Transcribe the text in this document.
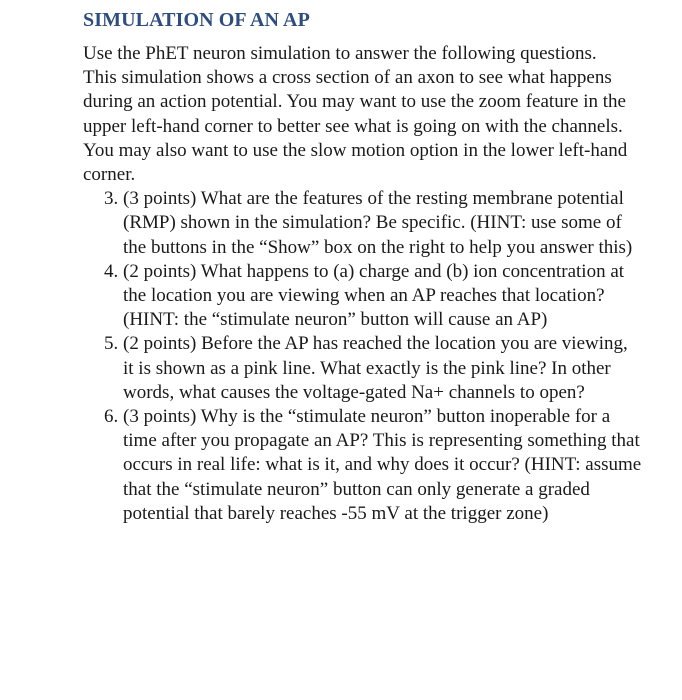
SIMULATION OF AN AP

Use the PhET neuron simulation to answer the following questions.

This simulation shows a cross section of an axon to see what happens during an action potential. You may want to use the zoom feature in the upper left-hand corner to better see what is going on with the channels. You may also want to use the slow motion option in the lower left-hand corner.

3. (3 points) What are the features of the resting membrane potential (RMP) shown in the simulation? Be specific. (HINT: use some of the buttons in the “Show” box on the right to help you answer this)
4. (2 points) What happens to (a) charge and (b) ion concentration at the location you are viewing when an AP reaches that location? (HINT: the “stimulate neuron” button will cause an AP)
5. (2 points) Before the AP has reached the location you are viewing, it is shown as a pink line. What exactly is the pink line? In other words, what causes the voltage-gated Na+ channels to open?
6. (3 points) Why is the “stimulate neuron” button inoperable for a time after you propagate an AP? This is representing something that occurs in real life: what is it, and why does it occur? (HINT: assume that the “stimulate neuron” button can only generate a graded potential that barely reaches -55 mV at the trigger zone)
